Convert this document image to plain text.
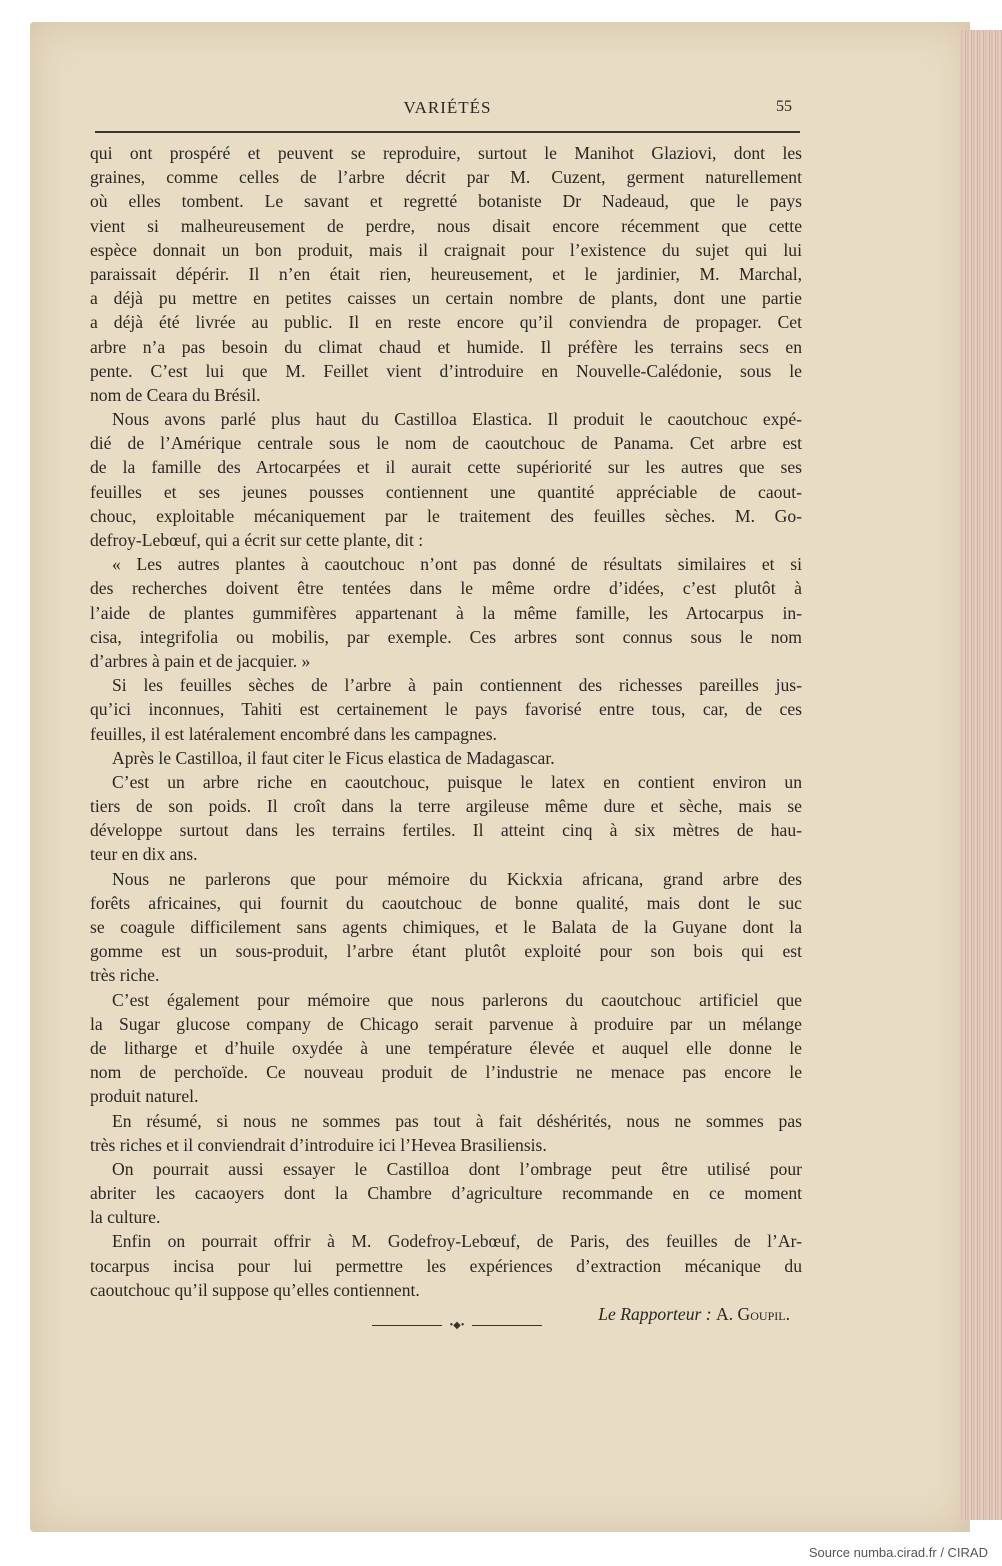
VARIÉTÉS	55
qui ont prospéré et peuvent se reproduire, surtout le Manihot Glaziovi, dont les
graines, comme celles de l’arbre décrit par M. Cuzent, germent naturellement
où elles tombent. Le savant et regretté botaniste Dr Nadeaud, que le pays
vient si malheureusement de perdre, nous disait encore récemment que cette
espèce donnait un bon produit, mais il craignait pour l’existence du sujet qui lui
paraissait dépérir. Il n’en était rien, heureusement, et le jardinier, M. Marchal,
a déjà pu mettre en petites caisses un certain nombre de plants, dont une partie
a déjà été livrée au public. Il en reste encore qu’il conviendra de propager. Cet
arbre n’a pas besoin du climat chaud et humide. Il préfère les terrains secs en
pente. C’est lui que M. Feillet vient d’introduire en Nouvelle-Calédonie, sous le
nom de Ceara du Brésil.
Nous avons parlé plus haut du Castilloa Elastica. Il produit le caoutchouc expé-
dié de l’Amérique centrale sous le nom de caoutchouc de Panama. Cet arbre est
de la famille des Artocarpées et il aurait cette supériorité sur les autres que ses
feuilles et ses jeunes pousses contiennent une quantité appréciable de caout-
chouc, exploitable mécaniquement par le traitement des feuilles sèches. M. Go-
defroy-Lebœuf, qui a écrit sur cette plante, dit :
« Les autres plantes à caoutchouc n’ont pas donné de résultats similaires et si
des recherches doivent être tentées dans le même ordre d’idées, c’est plutôt à
l’aide de plantes gummifères appartenant à la même famille, les Artocarpus in-
cisa, integrifolia ou mobilis, par exemple. Ces arbres sont connus sous le nom
d’arbres à pain et de jacquier. »
Si les feuilles sèches de l’arbre à pain contiennent des richesses pareilles jus-
qu’ici inconnues, Tahiti est certainement le pays favorisé entre tous, car, de ces
feuilles, il est latéralement encombré dans les campagnes.
Après le Castilloa, il faut citer le Ficus elastica de Madagascar.
C’est un arbre riche en caoutchouc, puisque le latex en contient environ un
tiers de son poids. Il croît dans la terre argileuse même dure et sèche, mais se
développe surtout dans les terrains fertiles. Il atteint cinq à six mètres de hau-
teur en dix ans.
Nous ne parlerons que pour mémoire du Kickxia africana, grand arbre des
forêts africaines, qui fournit du caoutchouc de bonne qualité, mais dont le suc
se coagule difficilement sans agents chimiques, et le Balata de la Guyane dont la
gomme est un sous-produit, l’arbre étant plutôt exploité pour son bois qui est
très riche.
C’est également pour mémoire que nous parlerons du caoutchouc artificiel que
la Sugar glucose company de Chicago serait parvenue à produire par un mélange
de litharge et d’huile oxydée à une température élevée et auquel elle donne le
nom de perchoïde. Ce nouveau produit de l’industrie ne menace pas encore le
produit naturel.
En résumé, si nous ne sommes pas tout à fait déshérités, nous ne sommes pas
très riches et il conviendrait d’introduire ici l’Hevea Brasiliensis.
On pourrait aussi essayer le Castilloa dont l’ombrage peut être utilisé pour
abriter les cacaoyers dont la Chambre d’agriculture recommande en ce moment
la culture.
Enfin on pourrait offrir à M. Godefroy-Lebœuf, de Paris, des feuilles de l’Ar-
tocarpus incisa pour lui permettre les expériences d’extraction mécanique du
caoutchouc qu’il suppose qu’elles contiennent.
Le Rapporteur : A. Goupil.
•◆•
Source numba.cirad.fr / CIRAD
